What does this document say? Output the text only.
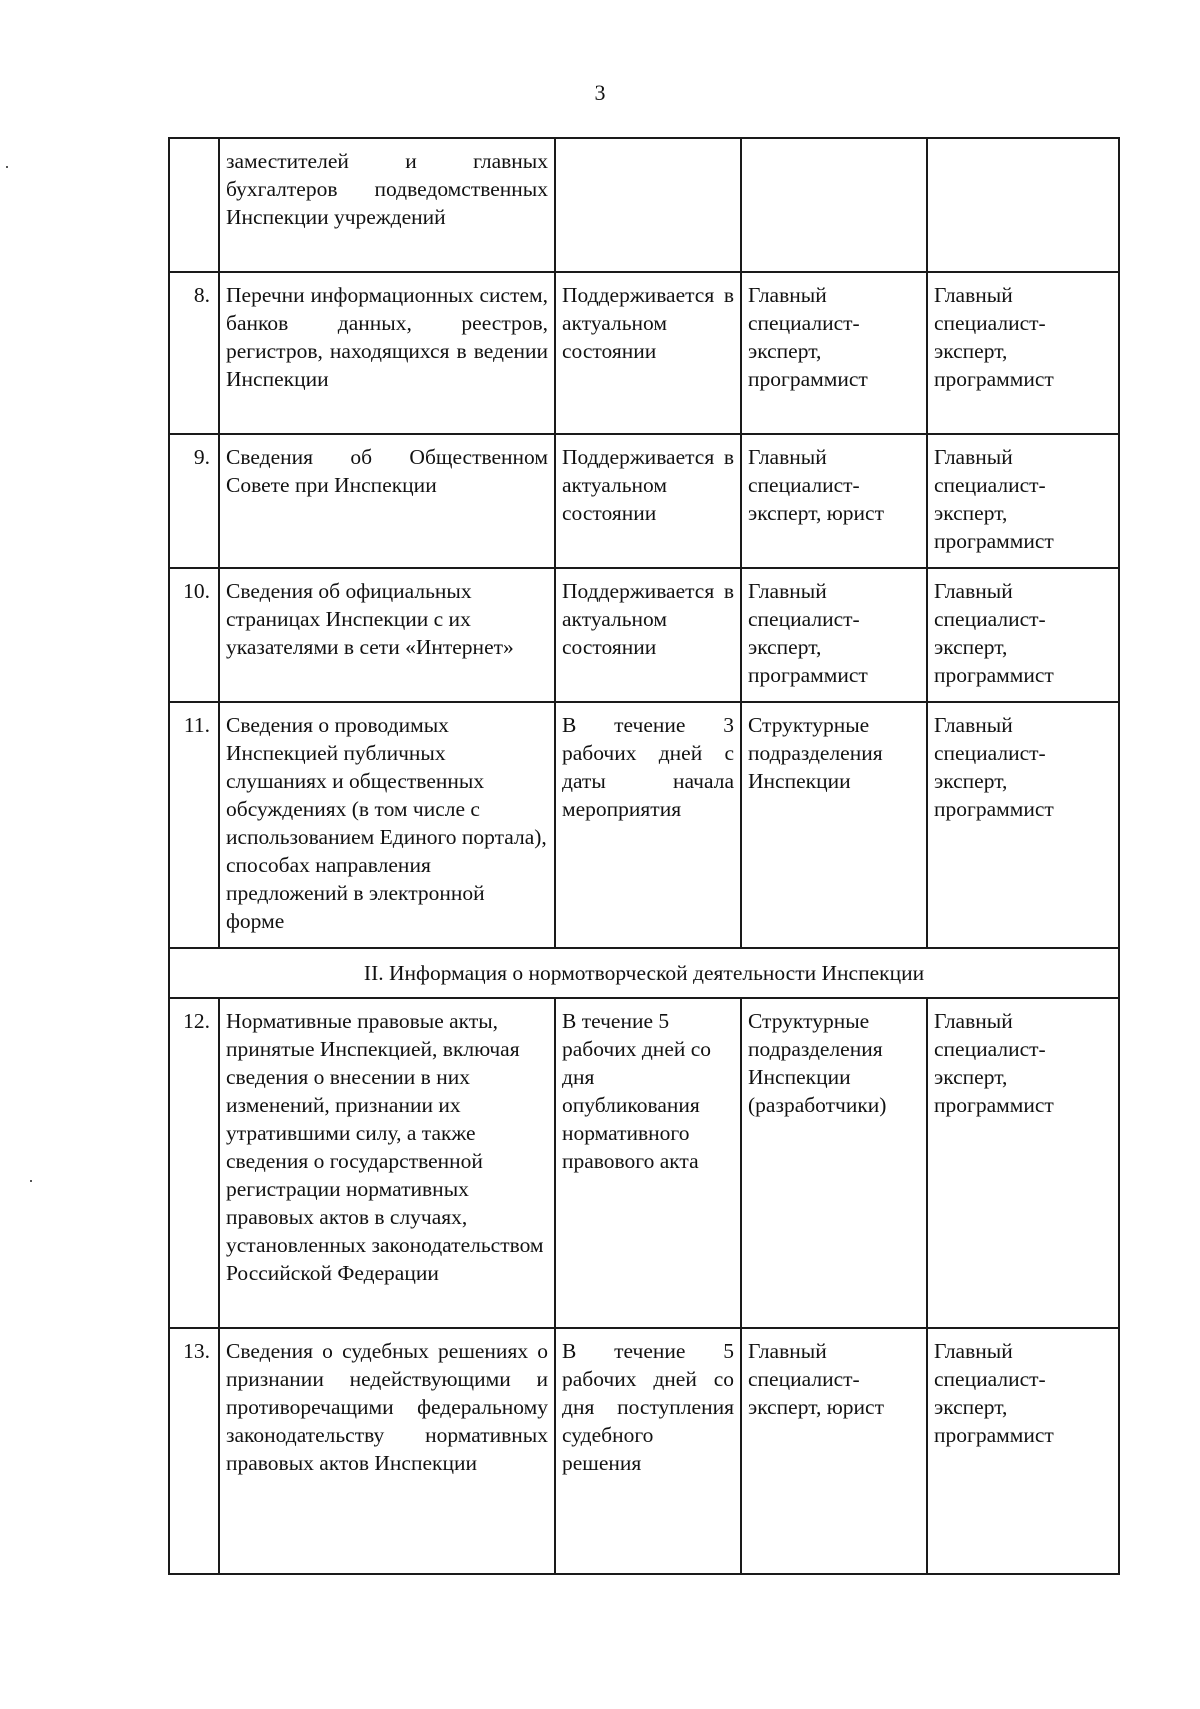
3
	заместителей и главных бухгалтеров подведомственных Инспекции учреждений			
8.	Перечни информационных систем, банков данных, реестров, регистров, находящихся в ведении Инспекции	Поддерживается в актуальном состоянии	Главный специалист-эксперт, программист	Главный специалист-эксперт, программист
9.	Сведения об Общественном Совете при Инспекции	Поддерживается в актуальном состоянии	Главный специалист-эксперт, юрист	Главный специалист-эксперт, программист
10.	Сведения об официальных страницах Инспекции с их указателями в сети «Интернет»	Поддерживается в актуальном состоянии	Главный специалист-эксперт, программист	Главный специалист-эксперт, программист
11.	Сведения о проводимых Инспекцией публичных слушаниях и общественных обсуждениях (в том числе с использованием Единого портала), способах направления предложений в электронной форме	В течение 3 рабочих дней с даты начала мероприятия	Структурные подразделения Инспекции	Главный специалист-эксперт, программист
II. Информация о нормотворческой деятельности Инспекции				
12.	Нормативные правовые акты, принятые Инспекцией, включая сведения о внесении в них изменений, признании их утратившими силу, а также сведения о государственной регистрации нормативных правовых актов в случаях, установленных законодательством Российской Федерации	В течение 5 рабочих дней со дня опубликования нормативного правового акта	Структурные подразделения Инспекции (разработчики)	Главный специалист-эксперт, программист
13.	Сведения о судебных решениях о признании недействующими и противоречащими федеральному законодательству нормативных правовых актов Инспекции	В течение 5 рабочих дней со дня поступления судебного решения	Главный специалист-эксперт, юрист	Главный специалист-эксперт, программист
